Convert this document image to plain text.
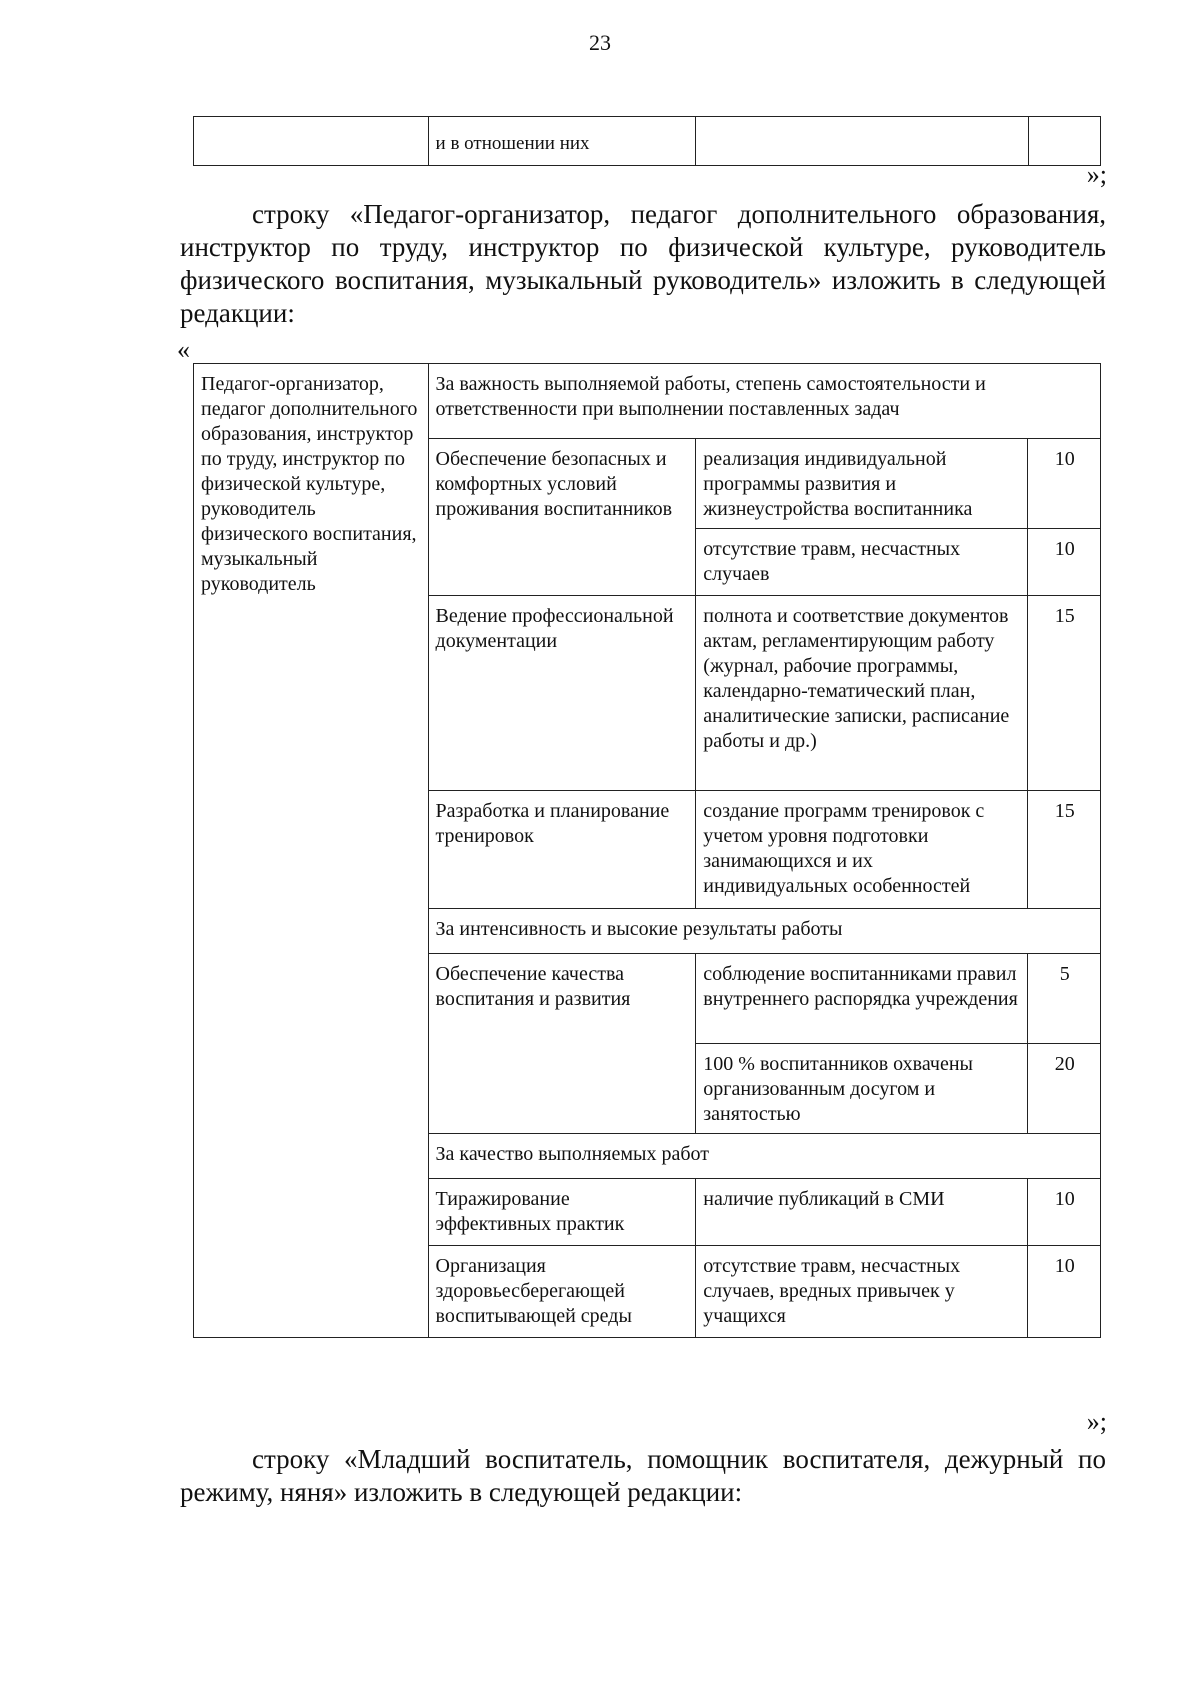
23
	и в отношении них		
»;
строку «Педагог-организатор, педагог дополнительного образования, инструктор по труду, инструктор по физической культуре, руководитель физического воспитания, музыкальный руководитель» изложить в следующей редакции:
«
Педагог-организатор, педагог дополнительного образования, инструктор по труду, инструктор по физической культуре, руководитель физического воспитания, музыкальный руководитель	За важность выполняемой работы, степень самостоятельности и ответственности при выполнении поставленных задач		
	Обеспечение безопасных и комфортных условий проживания воспитанников	реализация индивидуальной программы развития и жизнеустройства воспитанника	10
		отсутствие травм, несчастных случаев	10
	Ведение профессиональной документации	полнота и соответствие документов актам, регламентирующим работу (журнал, рабочие программы, календарно-тематический план, аналитические записки, расписание работы и др.)	15
	Разработка и планирование тренировок	создание программ тренировок с учетом уровня подготовки занимающихся и их индивидуальных особенностей	15
	За интенсивность и высокие результаты работы		
	Обеспечение качества воспитания и развития	соблюдение воспитанниками правил внутреннего распорядка учреждения	5
		100 % воспитанников охвачены организованным досугом и занятостью	20
	За качество выполняемых работ		
	Тиражирование эффективных практик	наличие публикаций в СМИ	10
	Организация здоровьесберегающей воспитывающей среды	отсутствие травм, несчастных случаев, вредных привычек у учащихся	10
»;
строку «Младший воспитатель, помощник воспитателя, дежурный по режиму, няня» изложить в следующей редакции:
